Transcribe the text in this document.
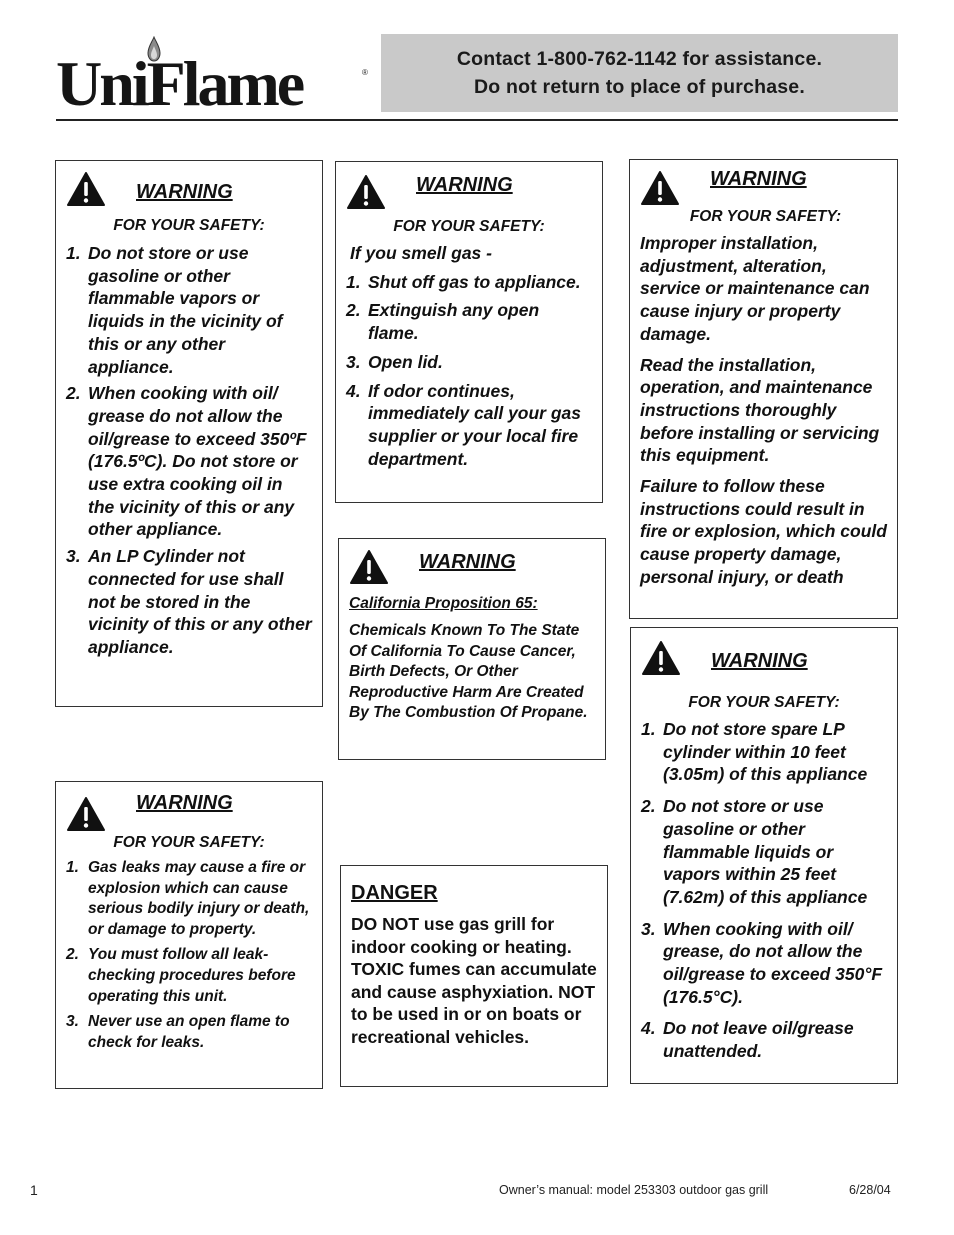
UniFlame	®
Contact 1-800-762-1142 for assistance.
Do not return to place of purchase.
WARNING
FOR YOUR SAFETY:
1. Do not store or use gasoline or other flammable vapors or liquids in the vicinity of this or any other appliance.
2. When cooking with oil/ grease do not allow the oil/grease to exceed 350ºF (176.5ºC). Do not store or use extra cooking oil in the vicinity of this or any other appliance.
3. An LP Cylinder not connected for use shall not be stored in the vicinity of this or any other appliance.
WARNING
FOR YOUR SAFETY:
If you smell gas -
1. Shut off gas to appliance.
2. Extinguish any open flame.
3. Open lid.
4. If odor continues, immediately call your gas supplier or your local fire department.
WARNING
FOR YOUR SAFETY:
Improper installation, adjustment, alteration, service or maintenance can cause injury or property damage.
Read the installation, operation, and maintenance instructions thoroughly before installing or servicing this equipment.
Failure to follow these instructions could result in fire or explosion, which could cause property damage, personal injury, or death
WARNING
California Proposition 65:
Chemicals Known To The State Of California To Cause Cancer, Birth Defects, Or Other Reproductive Harm Are Created By The Combustion Of Propane.
WARNING
FOR YOUR SAFETY:
1. Gas leaks may cause a fire or explosion which can cause serious bodily injury or death, or damage to property.
2. You must follow all leak-checking procedures before operating this unit.
3. Never use an open flame to check for leaks.
DANGER
DO NOT use gas grill for indoor cooking or heating. TOXIC fumes can accumulate and cause asphyxiation. NOT to be used in or on boats or recreational vehicles.
WARNING
FOR YOUR SAFETY:
1. Do not store spare LP cylinder within 10 feet (3.05m) of this appliance
2. Do not store or use gasoline or other flammable liquids or vapors within 25 feet (7.62m) of this appliance
3. When cooking with oil/ grease, do not allow the oil/grease to exceed 350°F (176.5°C).
4. Do not leave oil/grease unattended.
1	Owner’s manual: model 253303 outdoor gas grill	6/28/04
